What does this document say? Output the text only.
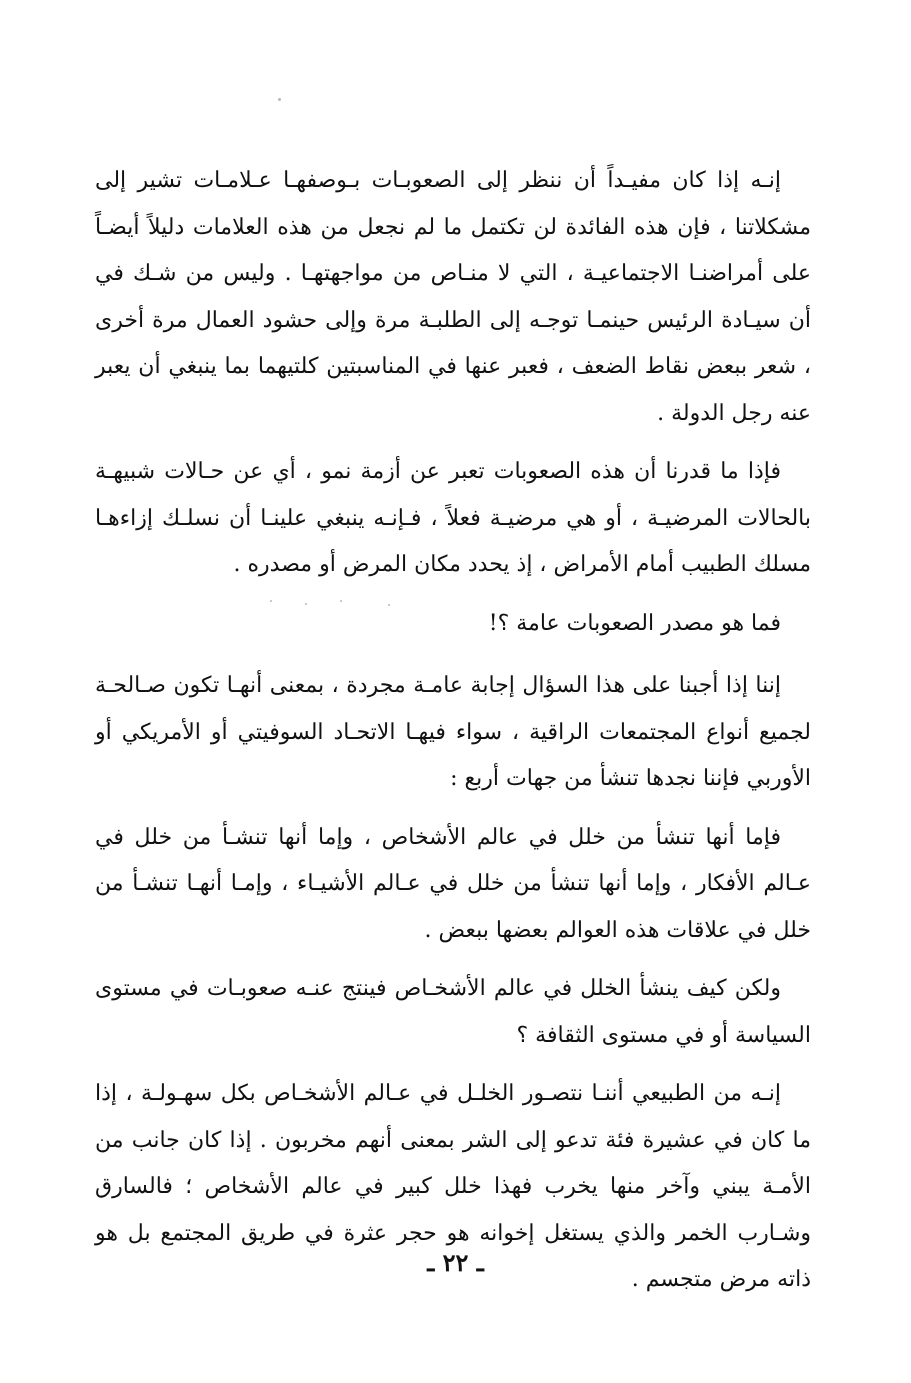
إنـه إذا كان مفيـداً أن ننظر إلى الصعوبـات بـوصفهـا عـلامـات تشير إلى مشكلاتنا ، فإن هذه الفائدة لن تكتمل ما لم نجعل من هذه العلامات دليلاً أيضـاً على أمراضنـا الاجتماعيـة ، التي لا منـاص من مواجهتهـا . وليس من شـك في أن سيـادة الرئيس حينمـا توجـه إلى الطلبـة مرة وإلى حشود العمال مرة أخرى ، شعر ببعض نقاط الضعف ، فعبر عنها في المناسبتين كلتيهما بما ينبغي أن يعبر عنه رجل الدولة .

فإذا ما قدرنا أن هذه الصعوبات تعبر عن أزمة نمو ، أي عن حـالات شبيهـة بالحالات المرضيـة ، أو هي مرضيـة فعلاً ، فـإنـه ينبغي علينـا أن نسلـك إزاءهـا مسلك الطبيب أمام الأمراض ، إذ يحدد مكان المرض أو مصدره .

فما هو مصدر الصعوبات عامة ؟!

إننا إذا أجبنا على هذا السؤال إجابة عامـة مجردة ، بمعنى أنهـا تكون صـالحـة لجميع أنواع المجتمعات الراقية ، سواء فيهـا الاتحـاد السوفيتي أو الأمريكي أو الأوربي فإننا نجدها تنشأ من جهات أربع :

فإما أنها تنشأ من خلل في عالم الأشخاص ، وإما أنها تنشـأ من خلل في عـالم الأفكار ، وإما أنها تنشأ من خلل في عـالم الأشيـاء ، وإمـا أنهـا تنشـأ من خلل في علاقات هذه العوالم بعضها ببعض .

ولكن كيف ينشأ الخلل في عالم الأشخـاص فينتج عنـه صعوبـات في مستوى السياسة أو في مستوى الثقافة ؟

إنـه من الطبيعي أننـا نتصـور الخلـل في عـالم الأشخـاص بكل سهـولـة ، إذا ما كان في عشيرة فئة تدعو إلى الشر بمعنى أنهم مخربون . إذا كان جانب من الأمـة يبني وآخر منها يخرب فهذا خلل كبير في عالم الأشخاص ؛ فالسارق وشـارب الخمر والذي يستغل إخوانه هو حجر عثرة في طريق المجتمع بل هو ذاته مرض متجسم .

ـ ٢٢ ـ
